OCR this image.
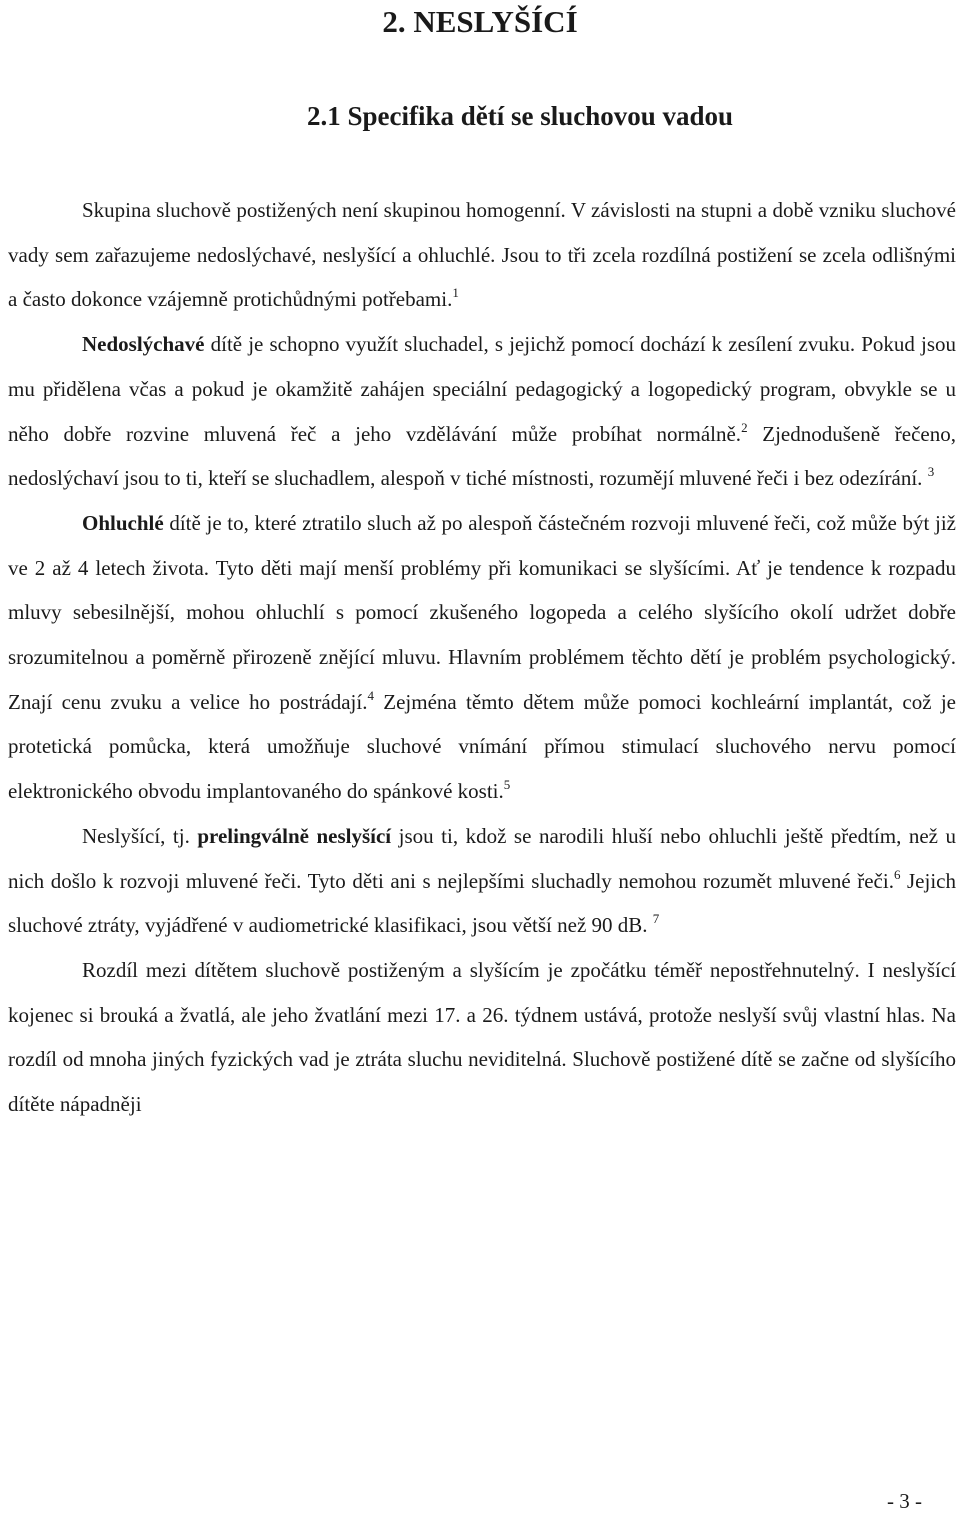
2. NESLYŠÍCÍ
2.1 Specifika dětí se sluchovou vadou

Skupina sluchově postižených není skupinou homogenní. V závislosti na stupni a době vzniku sluchové vady sem zařazujeme nedoslýchavé, neslyšící a ohluchlé. Jsou to tři zcela rozdílná postižení se zcela odlišnými a často dokonce vzájemně protichůdnými potřebami.$^1$

Nedoslýchavé dítě je schopno využít sluchadel, s jejichž pomocí dochází k zesílení zvuku. Pokud jsou mu přidělena včas a pokud je okamžitě zahájen speciální pedagogický a logopedický program, obvykle se u něho dobře rozvine mluvená řeč a jeho vzdělávání může probíhat normálně.$^2$ Zjednodušeně řečeno, nedoslýchaví jsou to ti, kteří se sluchadlem, alespoň v tiché místnosti, rozumějí mluvené řeči i bez odezírání. $^3$

Ohluchlé dítě je to, které ztratilo sluch až po alespoň částečném rozvoji mluvené řeči, což může být již ve 2 až 4 letech života. Tyto děti mají menší problémy při komunikaci se slyšícími. Ať je tendence k rozpadu mluvy sebesilnější, mohou ohluchlí s pomocí zkušeného logopeda a celého slyšícího okolí udržet dobře srozumitelnou a poměrně přirozeně znějící mluvu. Hlavním problémem těchto dětí je problém psychologický. Znají cenu zvuku a velice ho postrádají.$^4$ Zejména těmto dětem může pomoci kochleární implantát, což je protetická pomůcka, která umožňuje sluchové vnímání přímou stimulací sluchového nervu pomocí elektronického obvodu implantovaného do spánkové kosti.$^5$

Neslyšící, tj. prelingválně neslyšící jsou ti, kdož se narodili hluší nebo ohluchli ještě předtím, než u nich došlo k rozvoji mluvené řeči. Tyto děti ani s nejlepšími sluchadly nemohou rozumět mluvené řeči.$^6$ Jejich sluchové ztráty, vyjádřené v audiometrické klasifikaci, jsou větší než 90 dB. $^7$

Rozdíl mezi dítětem sluchově postiženým a slyšícím je zpočátku téměř nepostřehnutelný. I neslyšící kojenec si brouká a žvatlá, ale jeho žvatlání mezi 17. a 26. týdnem ustává, protože neslyší svůj vlastní hlas. Na rozdíl od mnoha jiných fyzických vad je ztráta sluchu neviditelná. Sluchově postižené dítě se začne od slyšícího dítěte nápadněji

- 3 -
